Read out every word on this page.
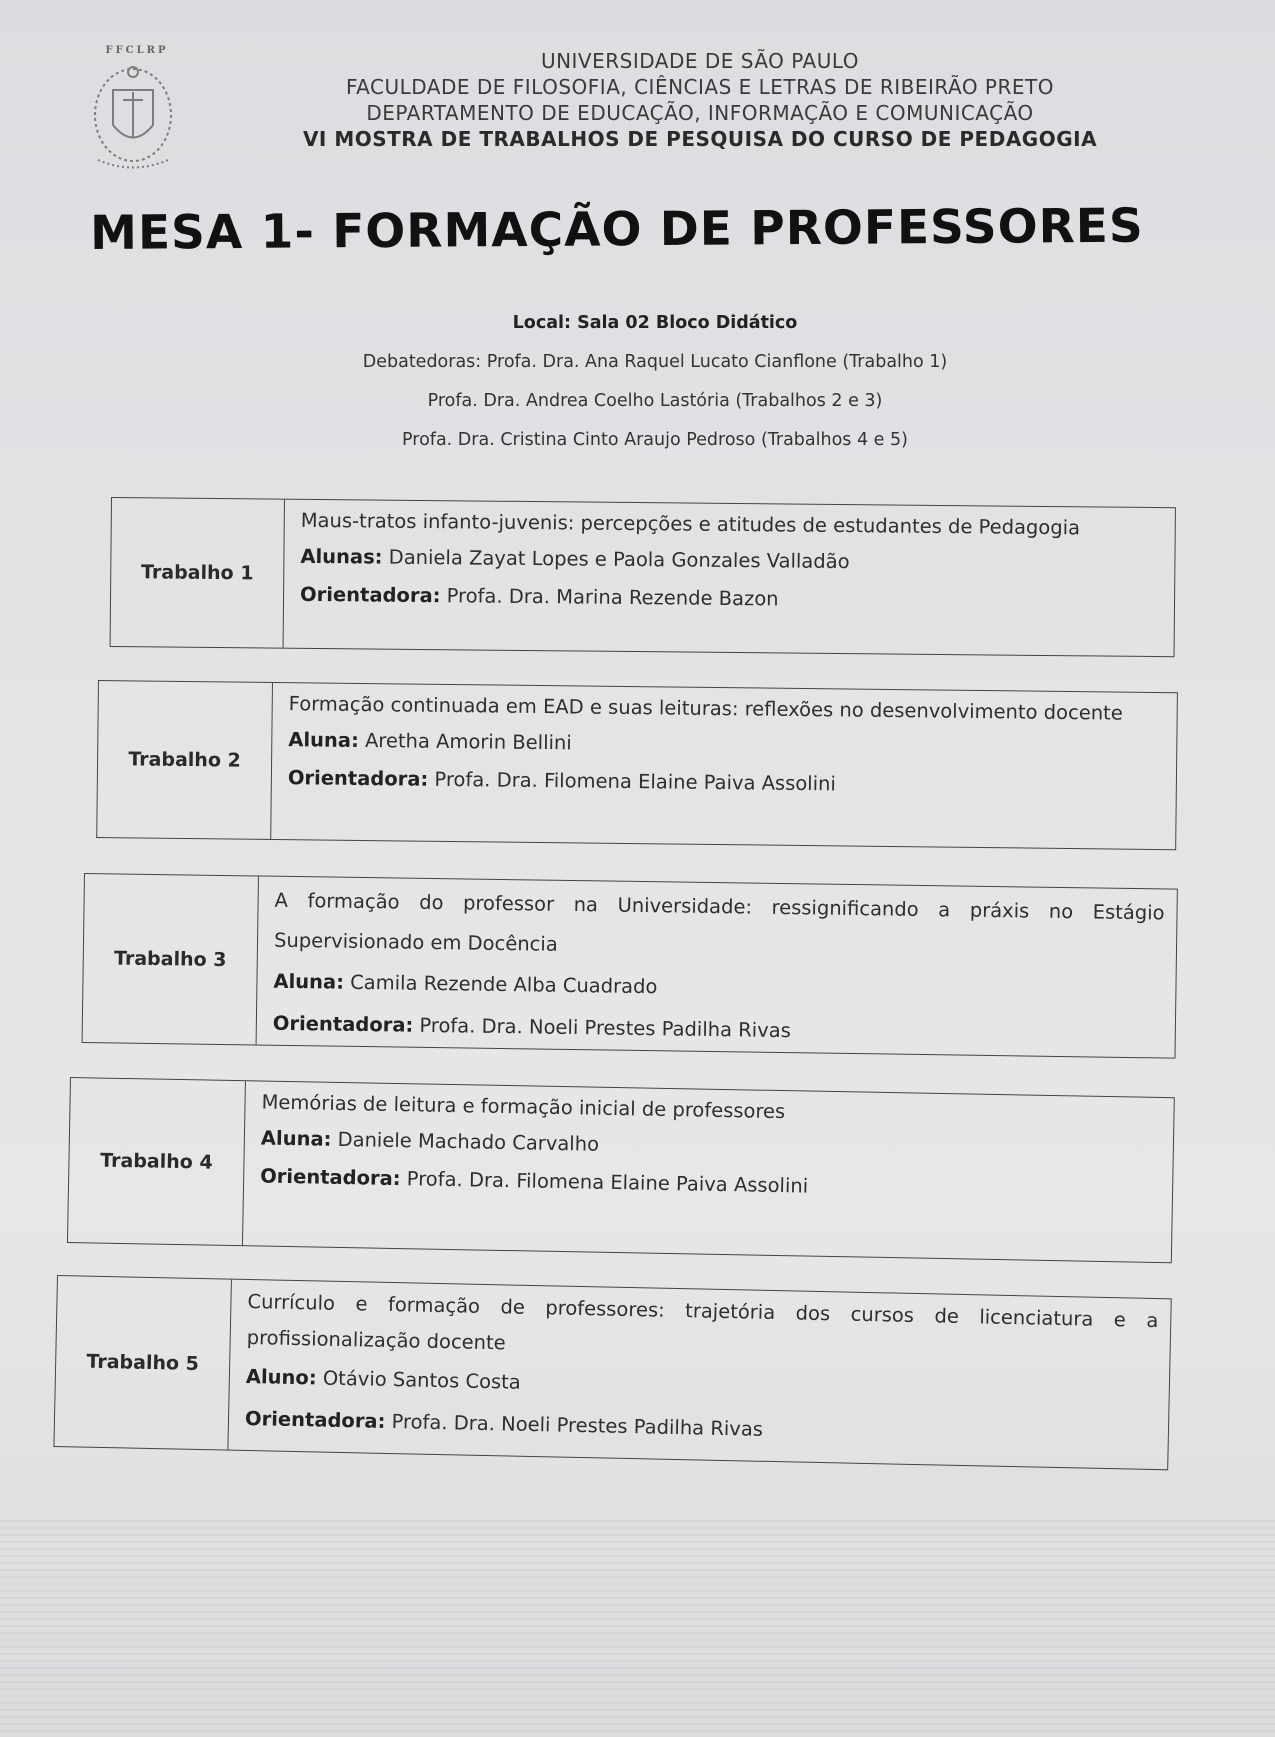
FFCLRP	UNIVERSIDADE DE SÃO PAULO
FACULDADE DE FILOSOFIA, CIÊNCIAS E LETRAS DE RIBEIRÃO PRETO
DEPARTAMENTO DE EDUCAÇÃO, INFORMAÇÃO E COMUNICAÇÃO
VI MOSTRA DE TRABALHOS DE PESQUISA DO CURSO DE PEDAGOGIA
MESA 1- FORMAÇÃO DE PROFESSORES
Local: Sala 02 Bloco Didático
Debatedoras: Profa. Dra. Ana Raquel Lucato Cianflone (Trabalho 1)
Profa. Dra. Andrea Coelho Lastória (Trabalhos 2 e 3)
Profa. Dra. Cristina Cinto Araujo Pedroso (Trabalhos 4 e 5)
Trabalho 1
Maus-tratos infanto-juvenis: percepções e atitudes de estudantes de Pedagogia
Alunas: Daniela Zayat Lopes e Paola Gonzales Valladão
Orientadora: Profa. Dra. Marina Rezende Bazon
Trabalho 2
Formação continuada em EAD e suas leituras: reflexões no desenvolvimento docente
Aluna: Aretha Amorin Bellini
Orientadora: Profa. Dra. Filomena Elaine Paiva Assolini
Trabalho 3
A formação do professor na Universidade: ressignificando a práxis no Estágio Supervisionado em Docência
Aluna: Camila Rezende Alba Cuadrado
Orientadora: Profa. Dra. Noeli Prestes Padilha Rivas
Trabalho 4
Memórias de leitura e formação inicial de professores
Aluna: Daniele Machado Carvalho
Orientadora: Profa. Dra. Filomena Elaine Paiva Assolini
Trabalho 5
Currículo e formação de professores: trajetória dos cursos de licenciatura e a profissionalização docente
Aluno: Otávio Santos Costa
Orientadora: Profa. Dra. Noeli Prestes Padilha Rivas
